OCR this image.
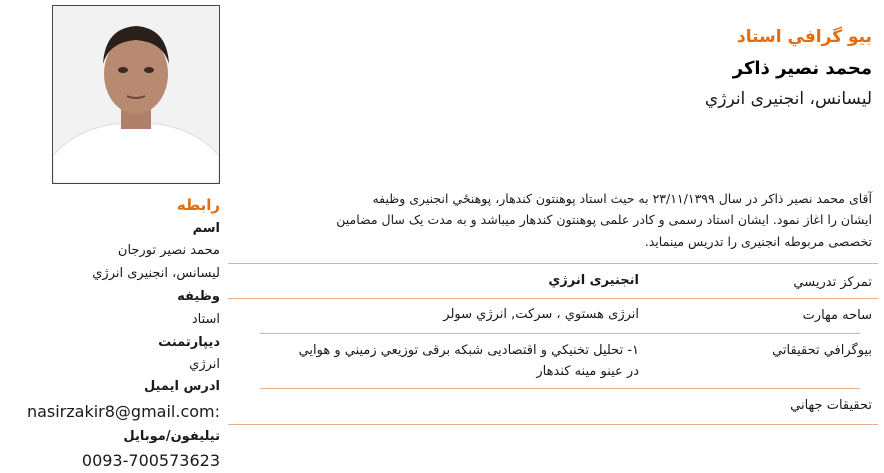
بیو گرافي استاد
محمد نصیر ذاکر
لیسانس، انجنیری انرژي
آقای محمد نصیر ذاکر در سال ۲۳/۱۱/۱۳۹۹ به حیث استاد پوهنتون کندهار، پوهنځي انجنیری وظیفه
ایشان را اغاز نمود. ایشان استاد رسمی و کادر علمی پوهنتون کندهار میباشد و به مدت یک سال مضامین
تخصصی مربوطه انجنیری را تدریس مینماید.
تمرکز تدریسي
انجنیری انرژي
ساحه مهارت
انرژی هستوي ، سرکت, انرژي سولر
بیوگرافي تحقیقاتي
۱- تحلیل تخنیکي و اقتصادیی شبکه برقی توزیعي زمیني و هوایي
در عینو مینه کندهار
تحقیقات جهاني
رابطه
اسم
محمد نصیر تورجان
لیسانس، انجنیری انرژي
وظیفه
استاد
دیپارتمنت
انرژي
ادرس ایمیل
nasirzakir8@gmail.com:
تیلیفون/موبایل
0093-700573623
